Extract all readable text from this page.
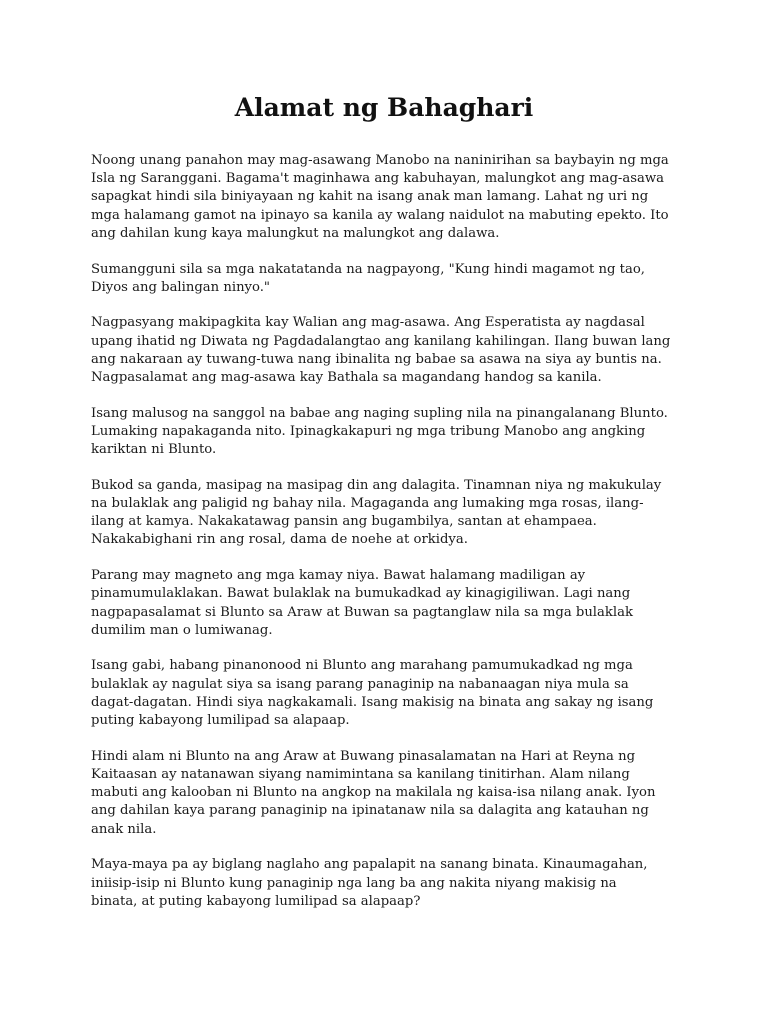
Alamat ng Bahaghari

Noong unang panahon may mag-asawang Manobo na naninirihan sa baybayin ng mga
Isla ng Saranggani. Bagama't maginhawa ang kabuhayan, malungkot ang mag-asawa
sapagkat hindi sila biniyayaan ng kahit na isang anak man lamang. Lahat ng uri ng
mga halamang gamot na ipinayo sa kanila ay walang naidulot na mabuting epekto. Ito
ang dahilan kung kaya malungkut na malungkot ang dalawa.

Sumangguni sila sa mga nakatatanda na nagpayong, "Kung hindi magamot ng tao,
Diyos ang balingan ninyo."

Nagpasyang makipagkita kay Walian ang mag-asawa. Ang Esperatista ay nagdasal
upang ihatid ng Diwata ng Pagdadalangtao ang kanilang kahilingan. Ilang buwan lang
ang nakaraan ay tuwang-tuwa nang ibinalita ng babae sa asawa na siya ay buntis na.
Nagpasalamat ang mag-asawa kay Bathala sa magandang handog sa kanila.

Isang malusog na sanggol na babae ang naging supling nila na pinangalanang Blunto.
Lumaking napakaganda nito. Ipinagkakapuri ng mga tribung Manobo ang angking
kariktan ni Blunto.

Bukod sa ganda, masipag na masipag din ang dalagita. Tinamnan niya ng makukulay
na bulaklak ang paligid ng bahay nila. Magaganda ang lumaking mga rosas, ilang-
ilang at kamya. Nakakatawag pansin ang bugambilya, santan at ehampaea.
Nakakabighani rin ang rosal, dama de noehe at orkidya.

Parang may magneto ang mga kamay niya. Bawat halamang madiligan ay
pinamumulaklakan. Bawat bulaklak na bumukadkad ay kinagigiliwan. Lagi nang
nagpapasalamat si Blunto sa Araw at Buwan sa pagtanglaw nila sa mga bulaklak
dumilim man o lumiwanag.

Isang gabi, habang pinanonood ni Blunto ang marahang pamumukadkad ng mga
bulaklak ay nagulat siya sa isang parang panaginip na nabanaagan niya mula sa
dagat-dagatan. Hindi siya nagkakamali. Isang makisig na binata ang sakay ng isang
puting kabayong lumilipad sa alapaap.

Hindi alam ni Blunto na ang Araw at Buwang pinasalamatan na Hari at Reyna ng
Kaitaasan ay natanawan siyang namimintana sa kanilang tinitirhan. Alam nilang
mabuti ang kalooban ni Blunto na angkop na makilala ng kaisa-isa nilang anak. Iyon
ang dahilan kaya parang panaginip na ipinatanaw nila sa dalagita ang katauhan ng
anak nila.

Maya-maya pa ay biglang naglaho ang papalapit na sanang binata. Kinaumagahan,
iniisip-isip ni Blunto kung panaginip nga lang ba ang nakita niyang makisig na
binata, at puting kabayong lumilipad sa alapaap?
